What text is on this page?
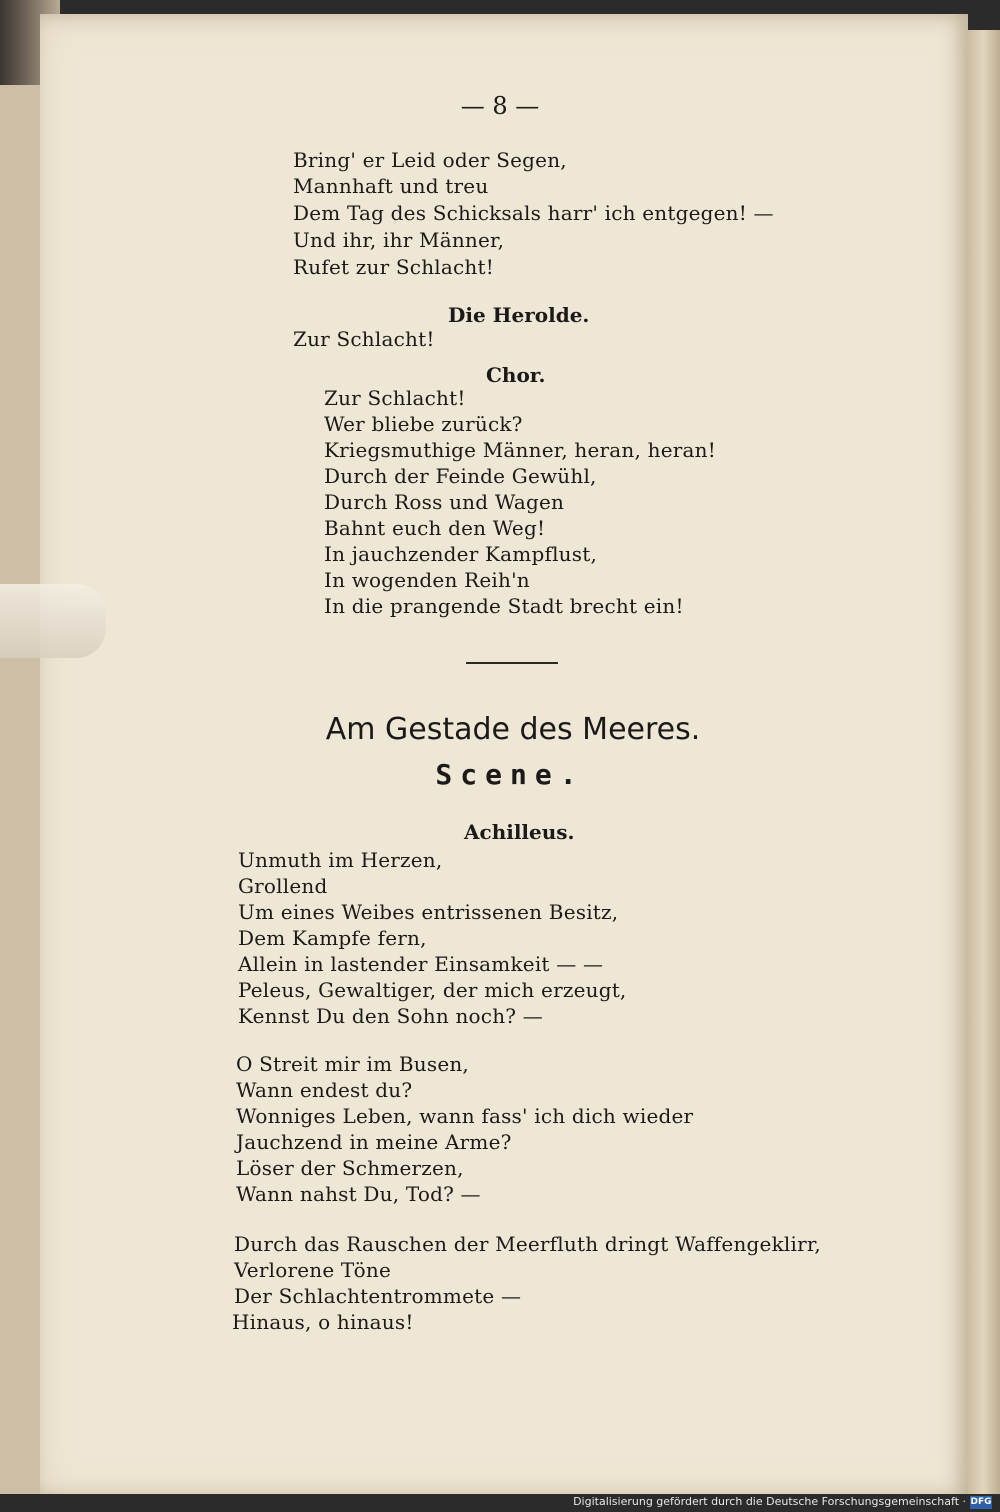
— 8 —
Bring' er Leid oder Segen,
Mannhaft und treu
Dem Tag des Schicksals harr' ich entgegen! —
Und ihr, ihr Männer,
Rufet zur Schlacht!
Die Herolde.
Zur Schlacht!
Chor.
Zur Schlacht!
Wer bliebe zurück?
Kriegsmuthige Männer, heran, heran!
Durch der Feinde Gewühl,
Durch Ross und Wagen
Bahnt euch den Weg!
In jauchzender Kampflust,
In wogenden Reih'n
In die prangende Stadt brecht ein!
Am Gestade des Meeres.
Scene.
Achilleus.
Unmuth im Herzen,
Grollend
Um eines Weibes entrissenen Besitz,
Dem Kampfe fern,
Allein in lastender Einsamkeit — —
Peleus, Gewaltiger, der mich erzeugt,
Kennst Du den Sohn noch? —
O Streit mir im Busen,
Wann endest du?
Wonniges Leben, wann fass' ich dich wieder
Jauchzend in meine Arme?
Löser der Schmerzen,
Wann nahst Du, Tod? —
Durch das Rauschen der Meerfluth dringt Waffengeklirr,
Verlorene Töne
Der Schlachtentrommete —
Hinaus, o hinaus!
Digitalisierung gefördert durch die Deutsche Forschungsgemeinschaft · DFG
